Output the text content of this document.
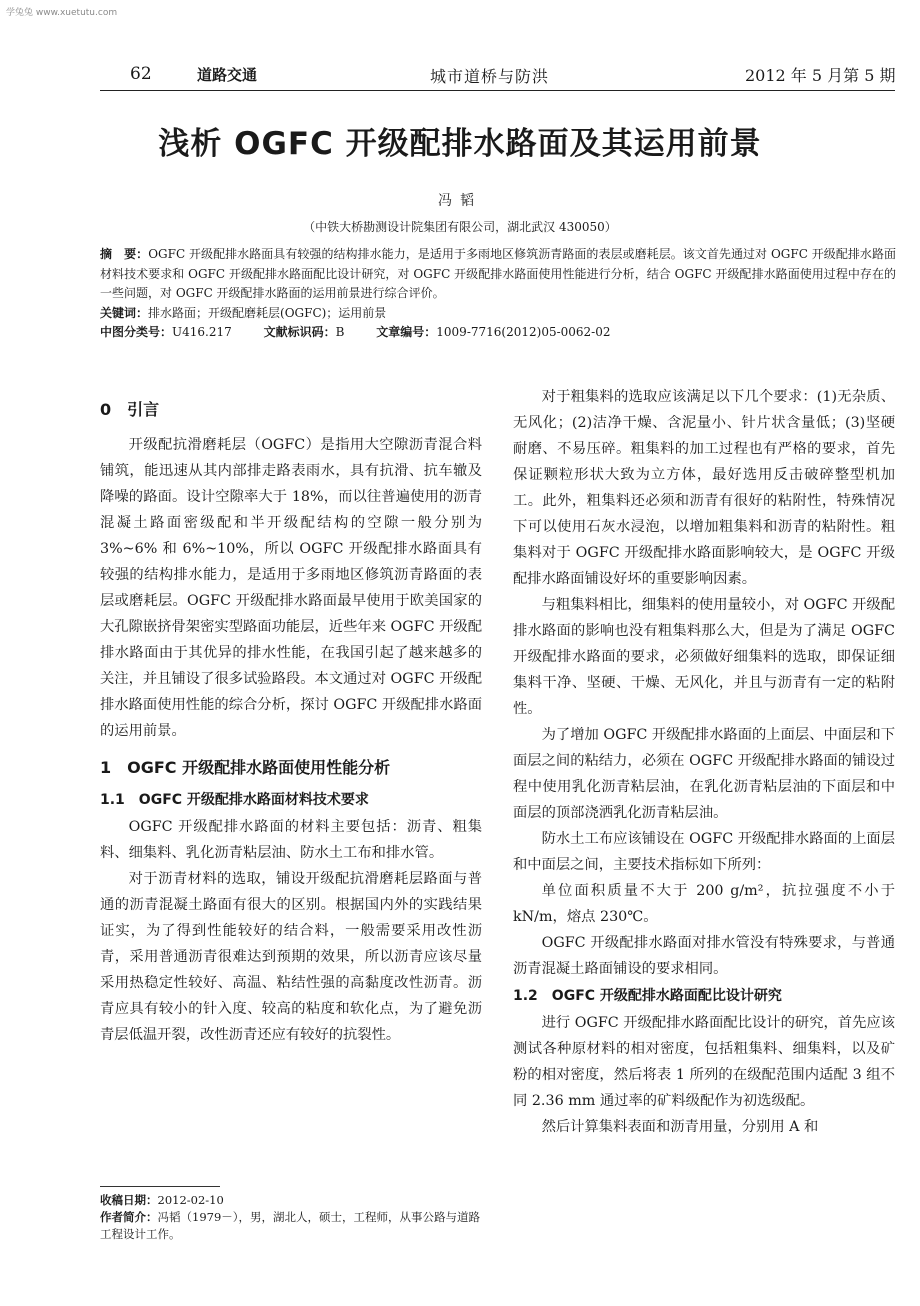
学兔兔 www.xuetutu.com
62	道路交通	城市道桥与防洪	2012 年 5 月第 5 期
浅析 OGFC 开级配排水路面及其运用前景
冯韬
（中铁大桥勘测设计院集团有限公司，湖北武汉 430050）
摘　要：OGFC 开级配排水路面具有较强的结构排水能力，是适用于多雨地区修筑沥青路面的表层或磨耗层。该文首先通过对 OGFC 开级配排水路面材料技术要求和 OGFC 开级配排水路面配比设计研究，对 OGFC 开级配排水路面使用性能进行分析，结合 OGFC 开级配排水路面使用过程中存在的一些问题，对 OGFC 开级配排水路面的运用前景进行综合评价。
关键词：排水路面；开级配磨耗层(OGFC)；运用前景
中图分类号：U416.217	文献标识码：B	文章编号：1009-7716(2012)05-0062-02
0　引言

开级配抗滑磨耗层（OGFC）是指用大空隙沥青混合料铺筑，能迅速从其内部排走路表雨水，具有抗滑、抗车辙及降噪的路面。设计空隙率大于 18%，而以往普遍使用的沥青混凝土路面密级配和半开级配结构的空隙一般分别为 3%~6% 和 6%~10%，所以 OGFC 开级配排水路面具有较强的结构排水能力，是适用于多雨地区修筑沥青路面的表层或磨耗层。OGFC 开级配排水路面最早使用于欧美国家的大孔隙嵌挤骨架密实型路面功能层，近些年来 OGFC 开级配排水路面由于其优异的排水性能，在我国引起了越来越多的关注，并且铺设了很多试验路段。本文通过对 OGFC 开级配排水路面使用性能的综合分析，探讨 OGFC 开级配排水路面的运用前景。

1　OGFC 开级配排水路面使用性能分析
1.1　OGFC 开级配排水路面材料技术要求

OGFC 开级配排水路面的材料主要包括：沥青、粗集料、细集料、乳化沥青粘层油、防水土工布和排水管。

对于沥青材料的选取，铺设开级配抗滑磨耗层路面与普通的沥青混凝土路面有很大的区别。根据国内外的实践结果证实，为了得到性能较好的结合料，一般需要采用改性沥青，采用普通沥青很难达到预期的效果，所以沥青应该尽量采用热稳定性较好、高温、粘结性强的高黏度改性沥青。沥青应具有较小的针入度、较高的粘度和软化点，为了避免沥青层低温开裂，改性沥青还应有较好的抗裂性。

对于粗集料的选取应该满足以下几个要求：(1)无杂质、无风化；(2)洁净干燥、含泥量小、针片状含量低；(3)坚硬耐磨、不易压碎。粗集料的加工过程也有严格的要求，首先保证颗粒形状大致为立方体，最好选用反击破碎整型机加工。此外，粗集料还必须和沥青有很好的粘附性，特殊情况下可以使用石灰水浸泡，以增加粗集料和沥青的粘附性。粗集料对于 OGFC 开级配排水路面影响较大，是 OGFC 开级配排水路面铺设好坏的重要影响因素。

与粗集料相比，细集料的使用量较小，对 OGFC 开级配排水路面的影响也没有粗集料那么大，但是为了满足 OGFC 开级配排水路面的要求，必须做好细集料的选取，即保证细集料干净、坚硬、干燥、无风化，并且与沥青有一定的粘附性。

为了增加 OGFC 开级配排水路面的上面层、中面层和下面层之间的粘结力，必须在 OGFC 开级配排水路面的铺设过程中使用乳化沥青粘层油，在乳化沥青粘层油的下面层和中面层的顶部浇洒乳化沥青粘层油。

防水土工布应该铺设在 OGFC 开级配排水路面的上面层和中面层之间，主要技术指标如下所列：

单位面积质量不大于 200 g/m²，抗拉强度不小于 kN/m，熔点 230℃。

OGFC 开级配排水路面对排水管没有特殊要求，与普通沥青混凝土路面铺设的要求相同。

1.2　OGFC 开级配排水路面配比设计研究

进行 OGFC 开级配排水路面配比设计的研究，首先应该测试各种原材料的相对密度，包括粗集料、细集料，以及矿粉的相对密度，然后将表 1 所列的在级配范围内适配 3 组不同 2.36 mm 通过率的矿料级配作为初选级配。

然后计算集料表面和沥青用量，分别用 A 和

收稿日期：2012-02-10
作者简介：冯韬（1979－），男，湖北人，硕士，工程师，从事公路与道路工程设计工作。
